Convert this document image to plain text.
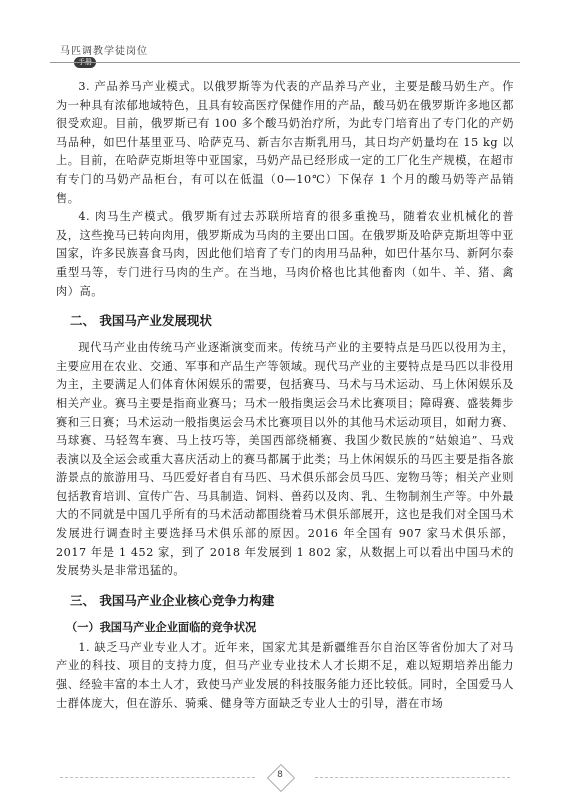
马匹调教学徒岗位
手册

3. 产品养马产业模式。以俄罗斯等为代表的产品养马产业，主要是酸马奶生产。作为一种具有浓郁地域特色，且具有较高医疗保健作用的产品，酸马奶在俄罗斯许多地区都很受欢迎。目前，俄罗斯已有 100 多个酸马奶治疗所，为此专门培育出了专门化的产奶马品种，如巴什基里亚马、哈萨克马、新吉尔吉斯乳用马，其日均产奶量均在 15 kg 以上。目前，在哈萨克斯坦等中亚国家，马奶产品已经形成一定的工厂化生产规模，在超市有专门的马奶产品柜台，有可以在低温（0—10℃）下保存 1 个月的酸马奶等产品销售。

4. 肉马生产模式。俄罗斯有过去苏联所培育的很多重挽马，随着农业机械化的普及，这些挽马已转向肉用，俄罗斯成为马肉的主要出口国。在俄罗斯及哈萨克斯坦等中亚国家，许多民族喜食马肉，因此他们培育了专门的肉用马品种，如巴什基尔马、新阿尔泰重型马等，专门进行马肉的生产。在当地，马肉价格也比其他畜肉（如牛、羊、猪、禽肉）高。

二、 我国马产业发展现状

现代马产业由传统马产业逐渐演变而来。传统马产业的主要特点是马匹以役用为主，主要应用在农业、交通、军事和产品生产等领域。现代马产业的主要特点是马匹以非役用为主，主要满足人们体育休闲娱乐的需要，包括赛马、马术与马术运动、马上休闲娱乐及相关产业。赛马主要是指商业赛马；马术一般指奥运会马术比赛项目；障碍赛、盛装舞步赛和三日赛；马术运动一般指奥运会马术比赛项目以外的其他马术运动项目，如耐力赛、马球赛、马轻驾车赛、马上技巧等，美国西部绕桶赛、我国少数民族的“姑娘追”、马戏表演以及全运会或重大喜庆活动上的赛马都属于此类；马上休闲娱乐的马匹主要是指各旅游景点的旅游用马、马匹爱好者自有马匹、马术俱乐部会员马匹、宠物马等；相关产业则包括教育培训、宣传广告、马具制造、饲料、兽药以及肉、乳、生物制剂生产等。中外最大的不同就是中国几乎所有的马术活动都围绕着马术俱乐部展开，这也是我们对全国马术发展进行调查时主要选择马术俱乐部的原因。2016 年全国有 907 家马术俱乐部，2017 年是 1 452 家，到了 2018 年发展到 1 802 家，从数据上可以看出中国马术的发展势头是非常迅猛的。

三、 我国马产业企业核心竞争力构建
（一）我国马产业企业面临的竞争状况

1. 缺乏马产业专业人才。近年来，国家尤其是新疆维吾尔自治区等省份加大了对马产业的科技、项目的支持力度，但马产业专业技术人才长期不足，难以短期培养出能力强、经验丰富的本土人才，致使马产业发展的科技服务能力还比较低。同时，全国爱马人士群体庞大，但在游乐、骑乘、健身等方面缺乏专业人士的引导，潜在市场

8
